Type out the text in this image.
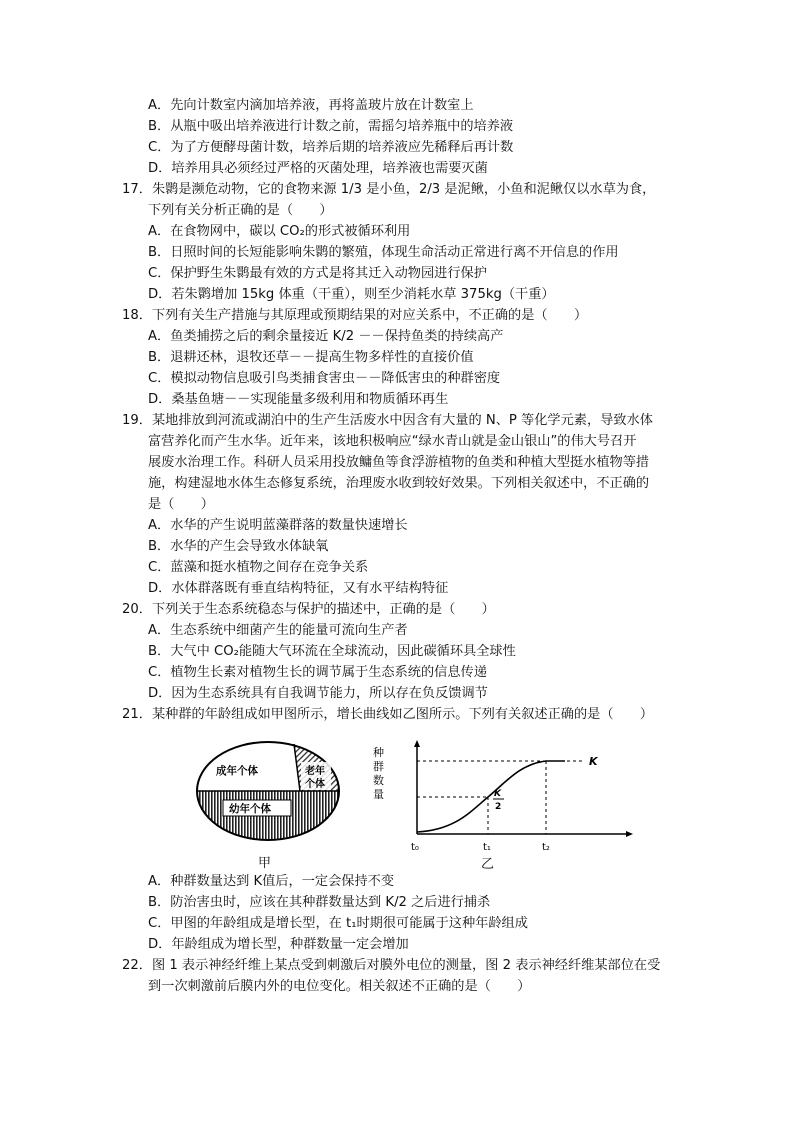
A．先向计数室内滴加培养液，再将盖玻片放在计数室上
B．从瓶中吸出培养液进行计数之前，需摇匀培养瓶中的培养液
C．为了方便酵母菌计数，培养后期的培养液应先稀释后再计数
D．培养用具必须经过严格的灭菌处理，培养液也需要灭菌
17．朱鹮是濒危动物，它的食物来源 1/3 是小鱼，2/3 是泥鳅，小鱼和泥鳅仅以水草为食，
下列有关分析正确的是（　　）
A．在食物网中，碳以 CO₂的形式被循环利用
B．日照时间的长短能影响朱鹮的繁殖，体现生命活动正常进行离不开信息的作用
C．保护野生朱鹮最有效的方式是将其迁入动物园进行保护
D．若朱鹮增加 15kg 体重（干重），则至少消耗水草 375kg（干重）
18．下列有关生产措施与其原理或预期结果的对应关系中，不正确的是（　　）
A．鱼类捕捞之后的剩余量接近 K/2 －－保持鱼类的持续高产
B．退耕还林，退牧还草－－提高生物多样性的直接价值
C．模拟动物信息吸引鸟类捕食害虫－－降低害虫的种群密度
D．桑基鱼塘－－实现能量多级利用和物质循环再生
19．某地排放到河流或湖泊中的生产生活废水中因含有大量的 N、P 等化学元素，导致水体
富营养化而产生水华。近年来，该地积极响应“绿水青山就是金山银山”的伟大号召开
展废水治理工作。科研人员采用投放鳙鱼等食浮游植物的鱼类和种植大型挺水植物等措
施，构建湿地水体生态修复系统，治理废水收到较好效果。下列相关叙述中，不正确的
是（　　）
A．水华的产生说明蓝藻群落的数量快速增长
B．水华的产生会导致水体缺氧
C．蓝藻和挺水植物之间存在竞争关系
D．水体群落既有垂直结构特征，又有水平结构特征
20．下列关于生态系统稳态与保护的描述中，正确的是（　　）
A．生态系统中细菌产生的能量可流向生产者
B．大气中 CO₂能随大气环流在全球流动，因此碳循环具全球性
C．植物生长素对植物生长的调节属于生态系统的信息传递
D．因为生态系统具有自我调节能力，所以存在负反馈调节
21．某种群的年龄组成如甲图所示，增长曲线如乙图所示。下列有关叙述正确的是（　　）
成年个体	老年
个体
幼年个体
甲
种
群
数
量
K
K
2
t₀	t₁	t₂
乙
A．种群数量达到 K值后，一定会保持不变
B．防治害虫时，应该在其种群数量达到 K/2 之后进行捕杀
C．甲图的年龄组成是增长型，在 t₁时期很可能属于这种年龄组成
D．年龄组成为增长型，种群数量一定会增加
22．图 1 表示神经纤维上某点受到刺激后对膜外电位的测量，图 2 表示神经纤维某部位在受
到一次刺激前后膜内外的电位变化。相关叙述不正确的是（　　）
